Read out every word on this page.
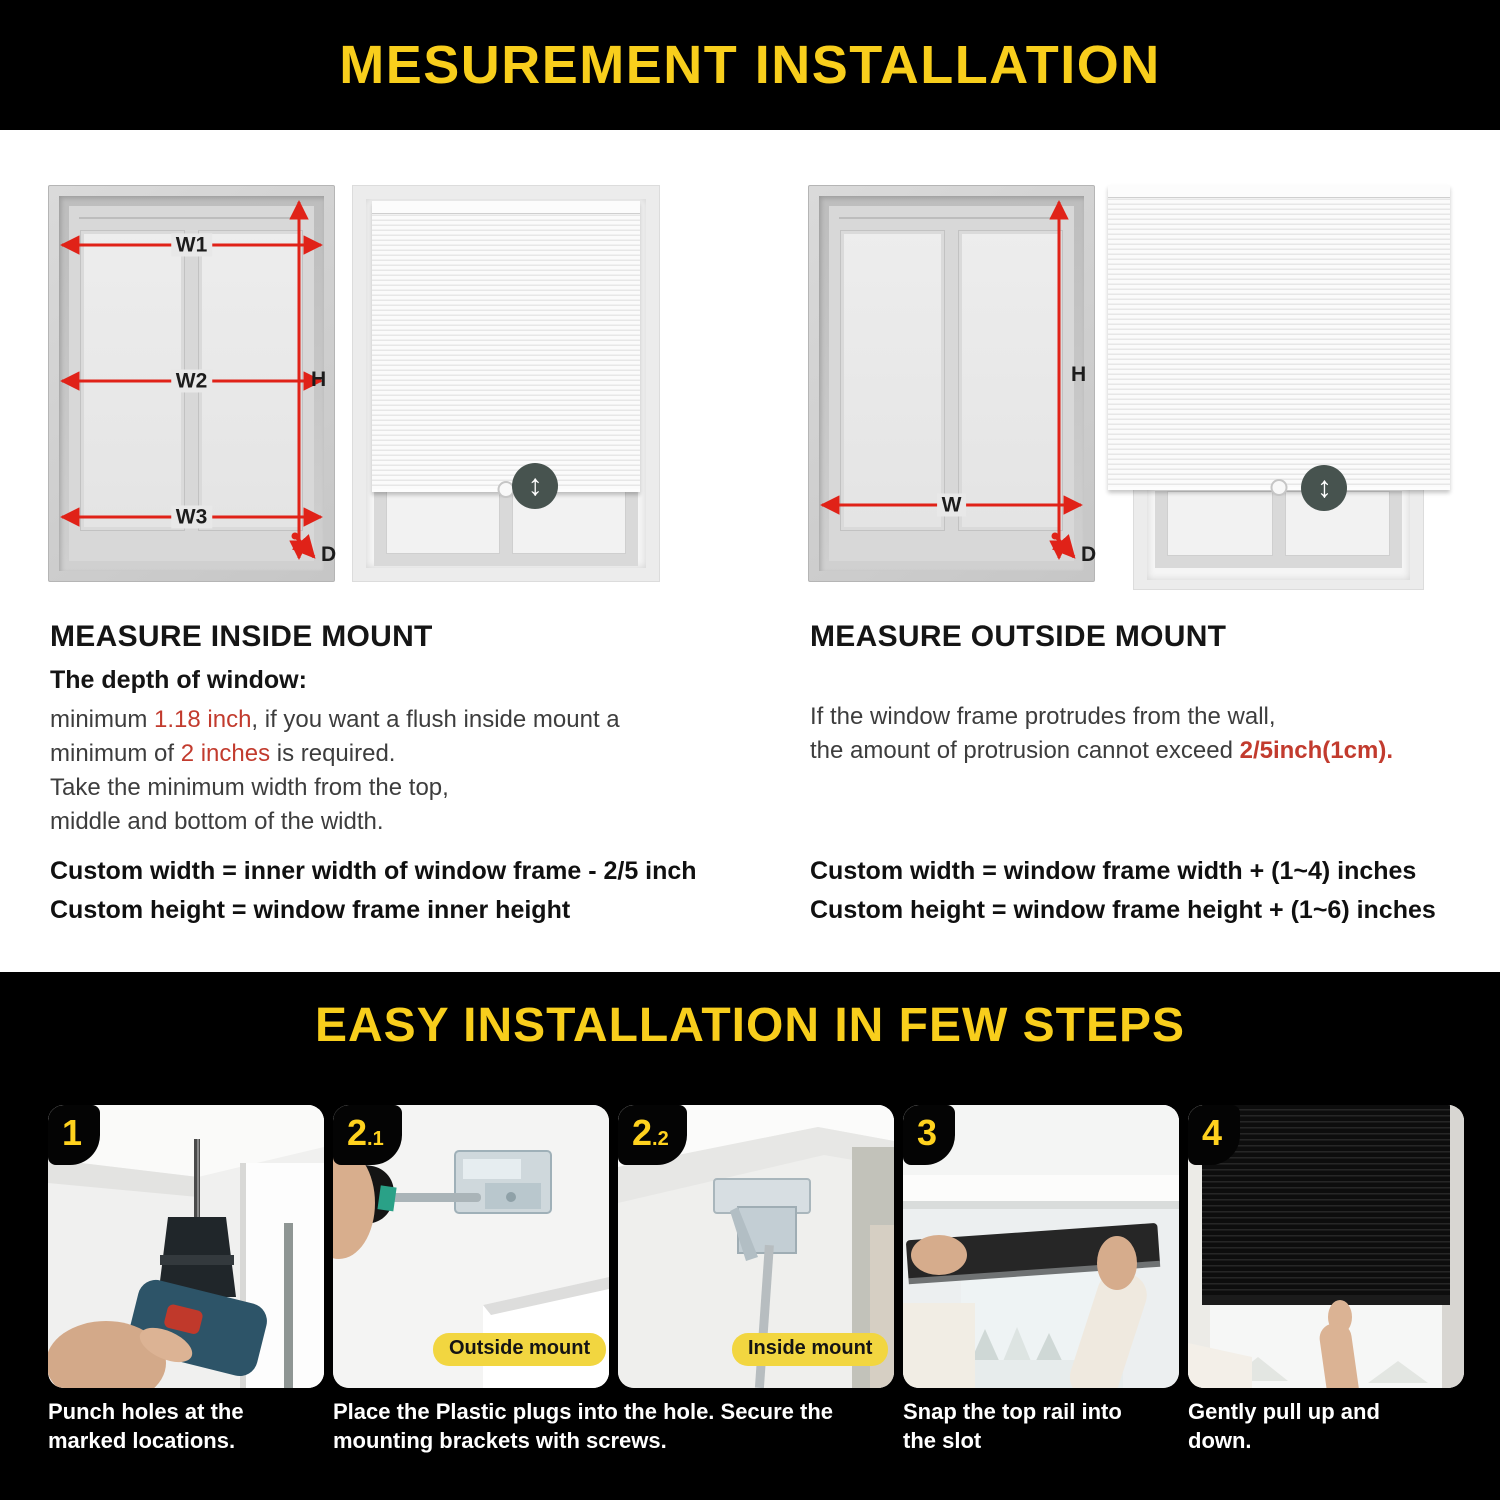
MESUREMENT INSTALLATION
W1
W2
W3
H
D
↕
W
H
D
↕
MEASURE INSIDE MOUNT
The depth of window:
minimum 1.18 inch, if you want a flush inside mount a
minimum of 2 inches is required.
Take the minimum width from the top,
middle and bottom of the width.
Custom width = inner width of window frame - 2/5 inch
Custom height = window frame inner height
MEASURE OUTSIDE MOUNT
If the window frame protrudes from the wall,
the amount of protrusion cannot exceed 2/5inch(1cm).
Custom width = window frame width + (1~4) inches
Custom height = window frame height + (1~6) inches
EASY INSTALLATION IN FEW STEPS
1	2.1
Outside mount
2.2
Inside mount
3	4
Punch holes at the marked locations.
Place the Plastic plugs into the hole. Secure the mounting brackets with screws.
Snap the top rail into the slot
Gently pull up and down.
